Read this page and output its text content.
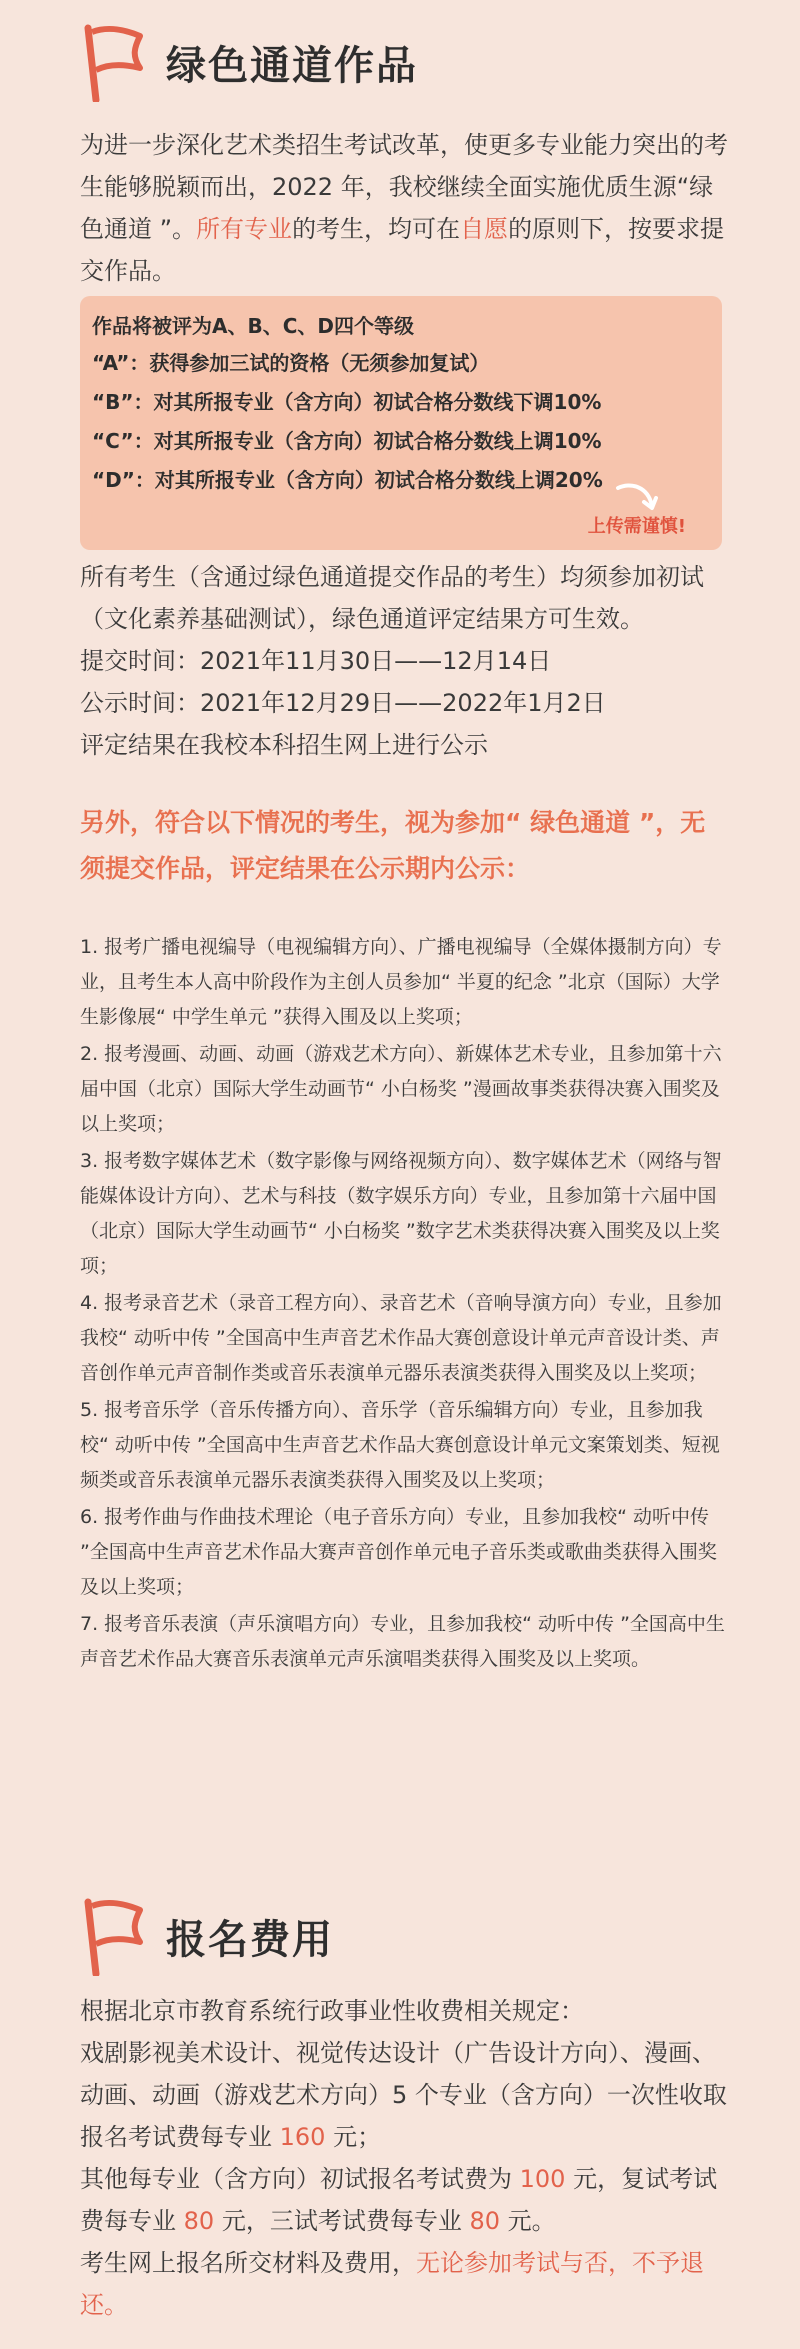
绿色通道作品

为进一步深化艺术类招生考试改革，使更多专业能力突出的考生能够脱颖而出，2022 年，我校继续全面实施优质生源“绿色通道 ”。所有专业的考生，均可在自愿的原则下，按要求提交作品。

作品将被评为A、B、C、D四个等级
“A”：获得参加三试的资格（无须参加复试）
“B”：对其所报专业（含方向）初试合格分数线下调10%
“C”：对其所报专业（含方向）初试合格分数线上调10%
“D”：对其所报专业（含方向）初试合格分数线上调20%
上传需谨慎!

所有考生（含通过绿色通道提交作品的考生）均须参加初试（文化素养基础测试），绿色通道评定结果方可生效。

提交时间：2021年11月30日——12月14日

公示时间：2021年12月29日——2022年1月2日

评定结果在我校本科招生网上进行公示

另外，符合以下情况的考生，视为参加“ 绿色通道 ”，无须提交作品，评定结果在公示期内公示：

1. 报考广播电视编导（电视编辑方向）、广播电视编导（全媒体摄制方向）专业，且考生本人高中阶段作为主创人员参加“ 半夏的纪念 ”北京（国际）大学生影像展“ 中学生单元 ”获得入围及以上奖项；

2. 报考漫画、动画、动画（游戏艺术方向）、新媒体艺术专业，且参加第十六届中国（北京）国际大学生动画节“ 小白杨奖 ”漫画故事类获得决赛入围奖及以上奖项；

3. 报考数字媒体艺术（数字影像与网络视频方向）、数字媒体艺术（网络与智能媒体设计方向）、艺术与科技（数字娱乐方向）专业，且参加第十六届中国（北京）国际大学生动画节“ 小白杨奖 ”数字艺术类获得决赛入围奖及以上奖项；

4. 报考录音艺术（录音工程方向）、录音艺术（音响导演方向）专业，且参加我校“ 动听中传 ”全国高中生声音艺术作品大赛创意设计单元声音设计类、声音创作单元声音制作类或音乐表演单元器乐表演类获得入围奖及以上奖项；

5. 报考音乐学（音乐传播方向）、音乐学（音乐编辑方向）专业，且参加我校“ 动听中传 ”全国高中生声音艺术作品大赛创意设计单元文案策划类、短视频类或音乐表演单元器乐表演类获得入围奖及以上奖项；

6. 报考作曲与作曲技术理论（电子音乐方向）专业，且参加我校“ 动听中传 ”全国高中生声音艺术作品大赛声音创作单元电子音乐类或歌曲类获得入围奖及以上奖项；

7. 报考音乐表演（声乐演唱方向）专业，且参加我校“ 动听中传 ”全国高中生声音艺术作品大赛音乐表演单元声乐演唱类获得入围奖及以上奖项。

报名费用

根据北京市教育系统行政事业性收费相关规定：

戏剧影视美术设计、视觉传达设计（广告设计方向）、漫画、动画、动画（游戏艺术方向）5 个专业（含方向）一次性收取报名考试费每专业 160 元；

其他每专业（含方向）初试报名考试费为 100 元，复试考试费每专业 80 元，三试考试费每专业 80 元。

考生网上报名所交材料及费用，无论参加考试与否，不予退还。
